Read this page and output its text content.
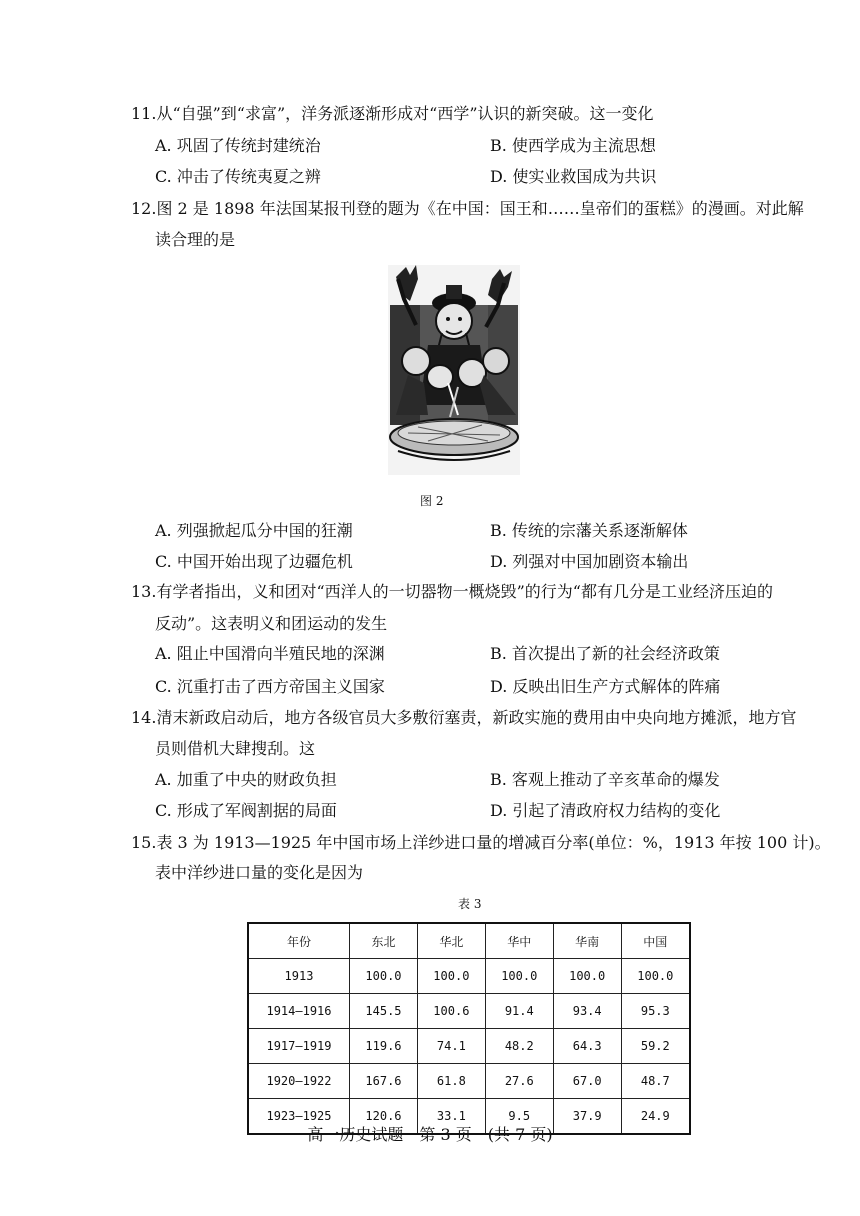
11.从“自强”到“求富”，洋务派逐渐形成对“西学”认识的新突破。这一变化
A. 巩固了传统封建统治	B. 使西学成为主流思想
C. 冲击了传统夷夏之辨	D. 使实业救国成为共识
12.图 2 是 1898 年法国某报刊登的题为《在中国：国王和……皇帝们的蛋糕》的漫画。对此解
读合理的是
图 2
A. 列强掀起瓜分中国的狂潮	B. 传统的宗藩关系逐渐解体
C. 中国开始出现了边疆危机	D. 列强对中国加剧资本输出
13.有学者指出，义和团对“西洋人的一切器物一概烧毁”的行为“都有几分是工业经济压迫的
反动”。这表明义和团运动的发生
A. 阻止中国滑向半殖民地的深渊	B. 首次提出了新的社会经济政策
C. 沉重打击了西方帝国主义国家	D. 反映出旧生产方式解体的阵痛
14.清末新政启动后，地方各级官员大多敷衍塞责，新政实施的费用由中央向地方摊派，地方官
员则借机大肆搜刮。这
A. 加重了中央的财政负担	B. 客观上推动了辛亥革命的爆发
C. 形成了军阀割据的局面	D. 引起了清政府权力结构的变化
15.表 3 为 1913—1925 年中国市场上洋纱进口量的增减百分率(单位：%，1913 年按 100 计)。
表中洋纱进口量的变化是因为
表 3
年份	东北	华北	华中	华南	中国
1913	100.0	100.0	100.0	100.0	100.0
1914—1916	145.5	100.6	91.4	93.4	95.3
1917—1919	119.6	74.1	48.2	64.3	59.2
1920—1922	167.6	61.8	27.6	67.0	48.7
1923—1925	120.6	33.1	9.5	37.9	24.9
高一历史试题　第 3 页　(共 7 页)
